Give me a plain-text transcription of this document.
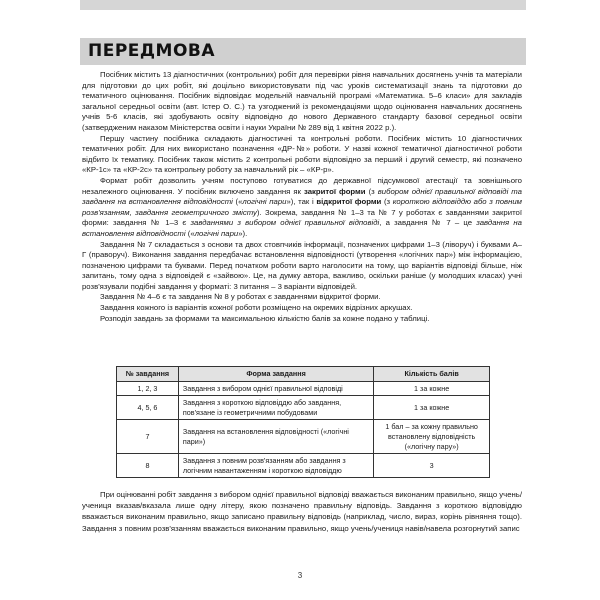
ПЕРЕДМОВА

Посібник містить 13 діагностичних (контрольних) робіт для перевірки рівня навчальних досягнень учнів та матеріали для підготовки до цих робіт, які доцільно використовувати під час уроків систематизації знань та підготовки до тематичного оцінювання. Посібник відповідає модельній навчальній програмі «Математика. 5–6 класи» для закладів загальної середньої освіти (авт. Істер О. С.) та узгоджений із рекомендаціями щодо оцінювання навчальних досягнень учнів 5-6 класів, які здобувають освіту відповідно до нового Державного стандарту базової середньої освіти (затвердженим наказом Міністерства освіти і науки України № 289 від 1 квітня 2022 р.).

Першу частину посібника складають діагностичні та контрольні роботи. Посібник містить 10 діагностичних тематичних робіт. Для них використано позначення «ДР-№» роботи. У назві кожної тематичної діагностичної роботи відбито їх тематику. Посібник також містить 2 контрольні роботи відповідно за перший і другий семестр, які позначено «КР-1с» та «КР-2с» та контрольну роботу за навчальний рік – «КР-р».

Формат робіт дозволить учням поступово готуватися до державної підсумкової атестації та зовнішнього незалежного оцінювання. У посібник включено завдання як закритої форми (з вибором однієї правильної відповіді та завдання на встановлення відповідності («логічні пари»), так і відкритої форми (з короткою відповіддю або з повним розв'язанням, завдання геометричного змісту). Зокрема, завдання № 1–3 та № 7 у роботах є завданнями закритої форми: завдання № 1–3 є завданнями з вибором однієї правильної відповіді, а завдання № 7 – це завдання на встановлення відповідності («логічні пари»).

Завдання № 7 складається з основи та двох стовпчиків інформації, позначених цифрами 1–3 (ліворуч) і буквами А–Г (праворуч). Виконання завдання передбачає встановлення відповідності (утворення «логічних пар») між інформацією, позначеною цифрами та буквами. Перед початком роботи варто наголосити на тому, що варіантів відповіді більше, ніж запитань, тому одна з відповідей є «зайвою». Це, на думку автора, важливо, оскільки раніше (у молодших класах) учні розв'язували подібні завдання у форматі: 3 питання – 3 варіанти відповідей.

Завдання № 4–6 є та завдання № 8 у роботах є завданнями відкритої форми.

Завдання кожного із варіантів кожної роботи розміщено на окремих відрізних аркушах.

Розподіл завдань за формами та максимальною кількістю балів за кожне подано у таблиці.

№ завдання	Форма завдання	Кількість балів
1, 2, 3	Завдання з вибором однієї правильної відповіді	1 за кожне
4, 5, 6	Завдання з короткою відповіддю або завдання, пов'язане із геометричними побудовами	1 за кожне
7	Завдання на встановлення відповідності («логічні пари»)	1 бал – за кожну правильно встановлену відповідність («логічну пару»)
8	Завдання з повним розв'язанням або завдання з логічним навантаженням і короткою відповіддю	3

При оцінюванні робіт завдання з вибором однієї правильної відповіді вважається виконаним правильно, якщо учень/учениця вказав/вказала лише одну літеру, якою позначено правильну відповідь. Завдання з короткою відповіддю вважається виконаним правильно, якщо записано правильну відповідь (наприклад, число, вираз, корінь рівняння тощо). Завдання з повним розв'язанням вважається виконаним правильно, якщо учень/учениця навів/навела розгорнутий запис

3
